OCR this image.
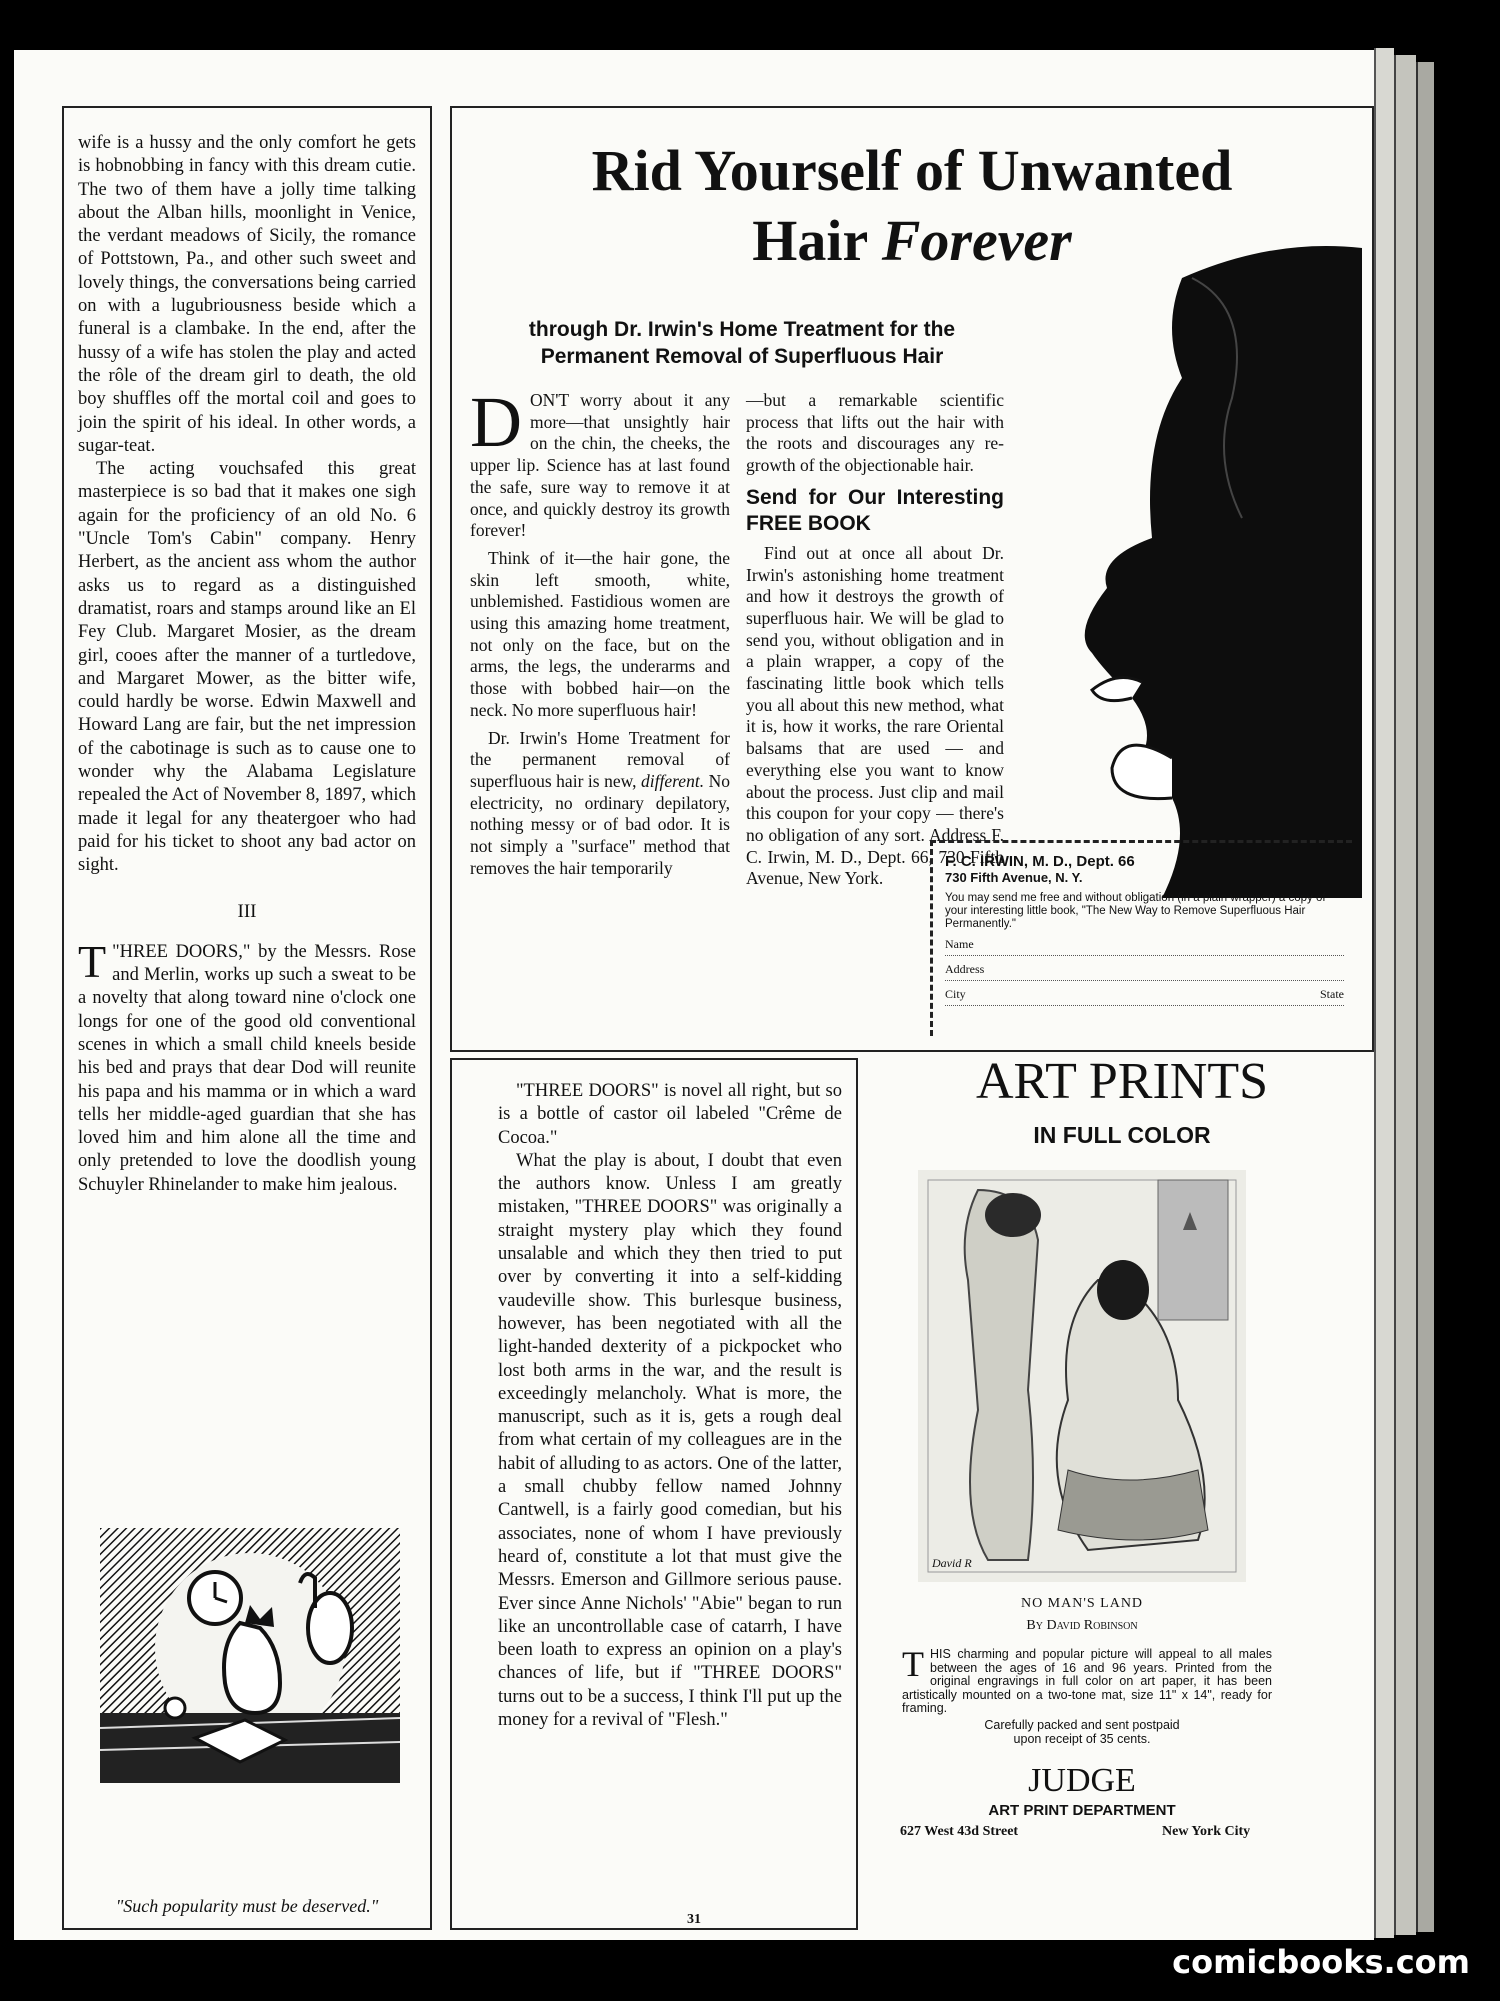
wife is a hussy and the only comfort he gets is hobnobbing in fancy with this dream cutie. The two of them have a jolly time talking about the Alban hills, moonlight in Venice, the verdant meadows of Sicily, the romance of Pottstown, Pa., and other such sweet and lovely things, the conversations being carried on with a lugubriousness beside which a funeral is a clambake. In the end, after the hussy of a wife has stolen the play and acted the rôle of the dream girl to death, the old boy shuffles off the mortal coil and goes to join the spirit of his ideal. In other words, a sugar-teat.

The acting vouchsafed this great masterpiece is so bad that it makes one sigh again for the proficiency of an old No. 6 "Uncle Tom's Cabin" company. Henry Herbert, as the ancient ass whom the author asks us to regard as a distinguished dramatist, roars and stamps around like an El Fey Club. Margaret Mosier, as the dream girl, cooes after the manner of a turtledove, and Margaret Mower, as the bitter wife, could hardly be worse. Edwin Maxwell and Howard Lang are fair, but the net impression of the cabotinage is such as to cause one to wonder why the Alabama Legislature repealed the Act of November 8, 1897, which made it legal for any theatergoer who had paid for his ticket to shoot any bad actor on sight.

III

"
T HREE DOORS," by the Messrs. Rose and Merlin, works up such a sweat to be a novelty that along toward nine o'clock one longs for one of the good old conventional scenes in which a small child kneels beside his bed and prays that dear Dod will reunite his papa and his mamma or in which a ward tells her middle-aged guardian that she has loved him and him alone all the time and only pretended to love the doodlish young Schuyler Rhinelander to make him jealous.

"Such popularity must be deserved."
Rid Yourself of Unwanted
Hair Forever
through Dr. Irwin's Home Treatment for the Permanent Removal of Superfluous Hair

DON'T worry about it any more—that unsightly hair on the chin, the cheeks, the upper lip. Science has at last found the safe, sure way to remove it at once, and quickly destroy its growth forever!

Think of it—the hair gone, the skin left smooth, white, unblemished. Fastidious women are using this amazing home treatment, not only on the face, but on the arms, the legs, the underarms and those with bobbed hair—on the neck. No more superfluous hair!

Dr. Irwin's Home Treatment for the permanent removal of superfluous hair is new, different. No electricity, no ordinary depilatory, nothing messy or of bad odor. It is not simply a "surface" method that removes the hair temporarily

—but a remarkable scientific process that lifts out the hair with the roots and discourages any re-growth of the objectionable hair.

Send for Our Interesting FREE BOOK

Find out at once all about Dr. Irwin's astonishing home treatment and how it destroys the growth of superfluous hair. We will be glad to send you, without obligation and in a plain wrapper, a copy of the fascinating little book which tells you all about this new method, what it is, how it works, the rare Oriental balsams that are used — and everything else you want to know about the process. Just clip and mail this coupon for your copy — there's no obligation of any sort. Address F. C. Irwin, M. D., Dept. 66, 730 Fifth Avenue, New York.

F. C. IRWIN, M. D., Dept. 66
730 Fifth Avenue, N. Y.
You may send me free and without obligation (in a plain wrapper) a copy of your interesting little book, "The New Way to Remove Superfluous Hair Permanently."
Name
Address
City	State

"THREE DOORS" is novel all right, but so is a bottle of castor oil labeled "Crême de Cocoa."

What the play is about, I doubt that even the authors know. Unless I am greatly mistaken, "THREE DOORS" was originally a straight mystery play which they found unsalable and which they then tried to put over by converting it into a self-kidding vaudeville show. This burlesque business, however, has been negotiated with all the light-handed dexterity of a pickpocket who lost both arms in the war, and the result is exceedingly melancholy. What is more, the manuscript, such as it is, gets a rough deal from what certain of my colleagues are in the habit of alluding to as actors. One of the latter, a small chubby fellow named Johnny Cantwell, is a fairly good comedian, but his associates, none of whom I have previously heard of, constitute a lot that must give the Messrs. Emerson and Gillmore serious pause. Ever since Anne Nichols' "Abie" began to run like an uncontrollable case of catarrh, I have been loath to express an opinion on a play's chances of life, but if "THREE DOORS" turns out to be a success, I think I'll put up the money for a revival of "Flesh."

ART PRINTS
IN FULL COLOR
David R
NO MAN'S LAND
By David Robinson
THIS charming and popular picture will appeal to all males between the ages of 16 and 96 years. Printed from the original engravings in full color on art paper, it has been artistically mounted on a two-tone mat, size 11" x 14", ready for framing.
Carefully packed and sent postpaid upon receipt of 35 cents.
JUDGE
ART PRINT DEPARTMENT
627 West 43d Street	New York City
31
comicbooks.com
